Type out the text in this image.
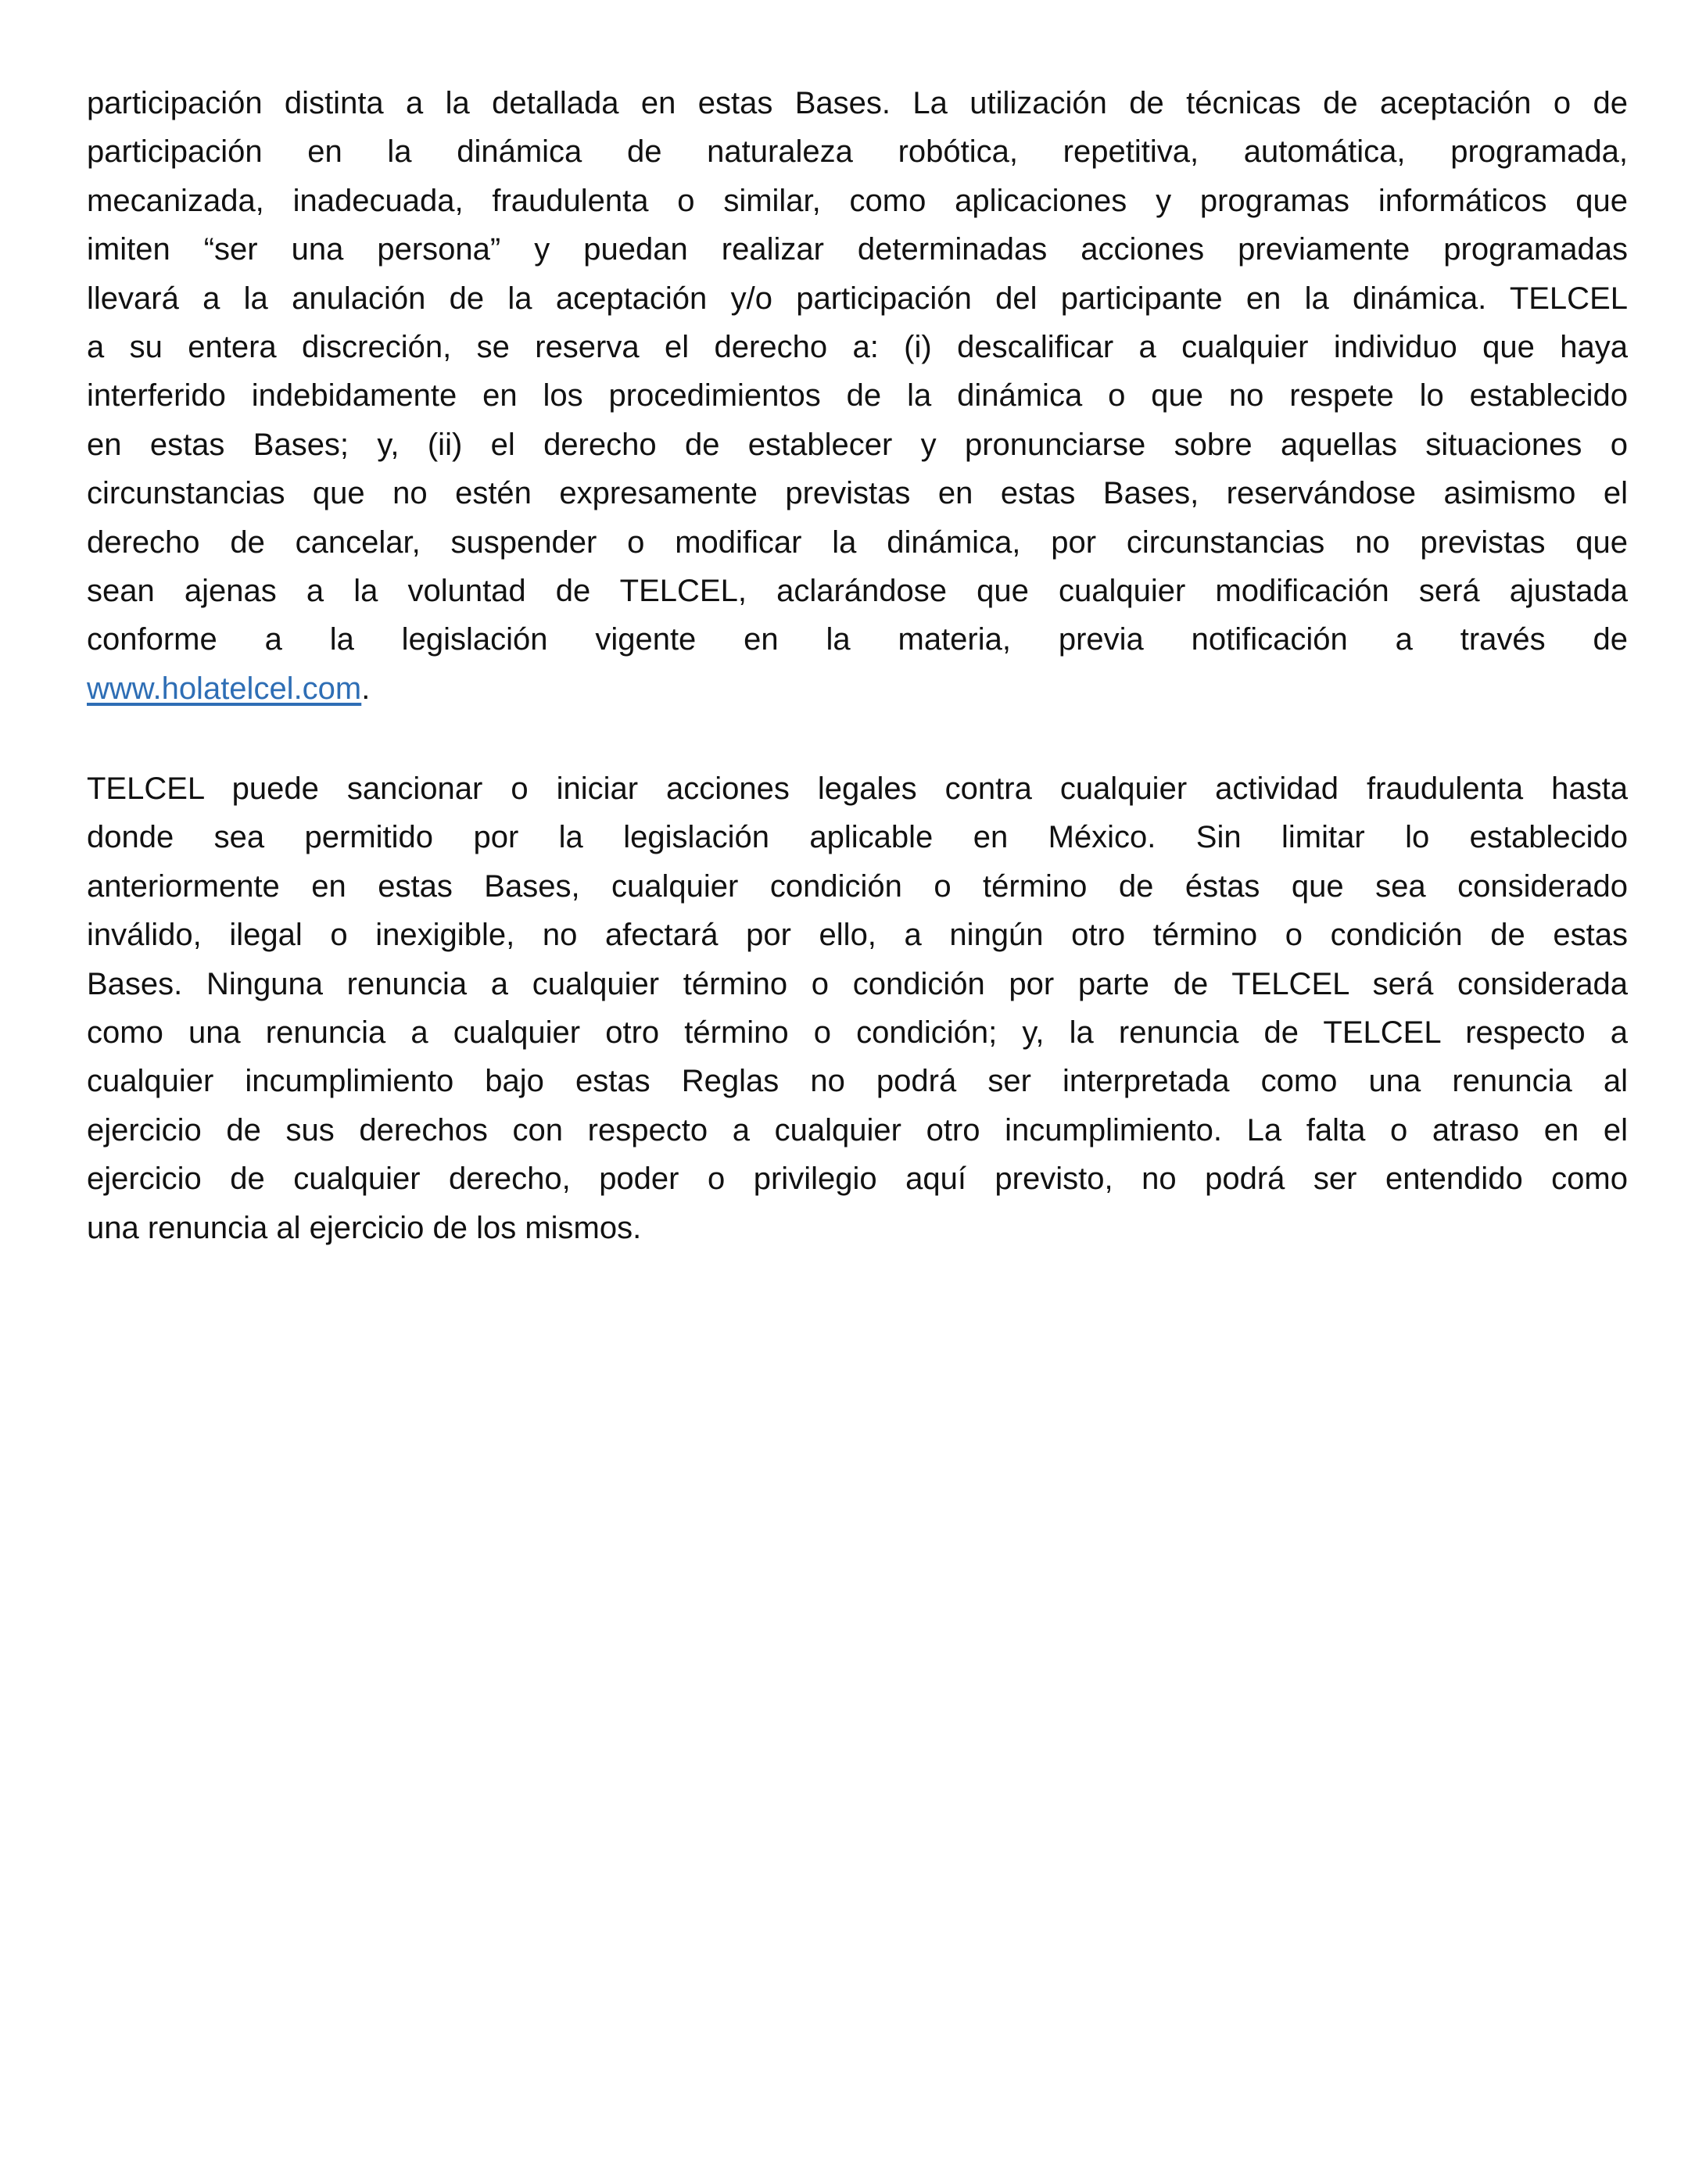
participación distinta a la detallada en estas Bases. La utilización de técnicas de aceptación o de
participación en la dinámica de naturaleza robótica, repetitiva, automática, programada,
mecanizada, inadecuada, fraudulenta o similar, como aplicaciones y programas informáticos que
imiten “ser una persona” y puedan realizar determinadas acciones previamente programadas
llevará a la anulación de la aceptación y/o participación del participante en la dinámica. TELCEL
a su entera discreción, se reserva el derecho a: (i) descalificar a cualquier individuo que haya
interferido indebidamente en los procedimientos de la dinámica o que no respete lo establecido
en estas Bases; y, (ii) el derecho de establecer y pronunciarse sobre aquellas situaciones o
circunstancias que no estén expresamente previstas en estas Bases, reservándose asimismo el
derecho de cancelar, suspender o modificar la dinámica, por circunstancias no previstas que
sean ajenas a la voluntad de TELCEL, aclarándose que cualquier modificación será ajustada
conforme a la legislación vigente en la materia, previa notificación a través de
www.holatelcel.com.
TELCEL puede sancionar o iniciar acciones legales contra cualquier actividad fraudulenta hasta
donde sea permitido por la legislación aplicable en México. Sin limitar lo establecido
anteriormente en estas Bases, cualquier condición o término de éstas que sea considerado
inválido, ilegal o inexigible, no afectará por ello, a ningún otro término o condición de estas
Bases. Ninguna renuncia a cualquier término o condición por parte de TELCEL será considerada
como una renuncia a cualquier otro término o condición; y, la renuncia de TELCEL respecto a
cualquier incumplimiento bajo estas Reglas no podrá ser interpretada como una renuncia al
ejercicio de sus derechos con respecto a cualquier otro incumplimiento. La falta o atraso en el
ejercicio de cualquier derecho, poder o privilegio aquí previsto, no podrá ser entendido como
una renuncia al ejercicio de los mismos.
